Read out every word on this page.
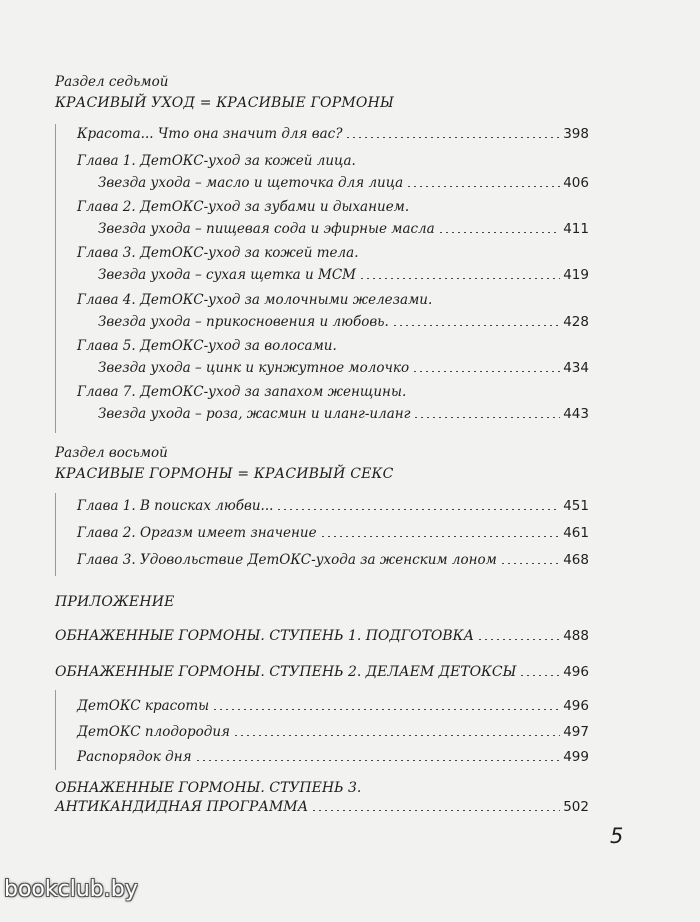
Раздел седьмой
КРАСИВЫЙ УХОД = КРАСИВЫЕ ГОРМОНЫ
Красота... Что она значит для вас?	398
Глава 1. ДетОКС-уход за кожей лица.
Звезда ухода – масло и щеточка для лица	406
Глава 2. ДетОКС-уход за зубами и дыханием.
Звезда ухода – пищевая сода и эфирные масла	411
Глава 3. ДетОКС-уход за кожей тела.
Звезда ухода – сухая щетка и МСМ	419
Глава 4. ДетОКС-уход за молочными железами.
Звезда ухода – прикосновения и любовь.	428
Глава 5. ДетОКС-уход за волосами.
Звезда ухода – цинк и кунжутное молочко	434
Глава 7. ДетОКС-уход за запахом женщины.
Звезда ухода – роза, жасмин и иланг-иланг	443
Раздел восьмой
КРАСИВЫЕ ГОРМОНЫ = КРАСИВЫЙ СЕКС
Глава 1. В поисках любви...	451
Глава 2. Оргазм имеет значение	461
Глава 3. Удовольствие ДетОКС-ухода за женским лоном	468
ПРИЛОЖЕНИЕ
ОБНАЖЕННЫЕ ГОРМОНЫ. СТУПЕНЬ 1. ПОДГОТОВКА	488
ОБНАЖЕННЫЕ ГОРМОНЫ. СТУПЕНЬ 2. ДЕЛАЕМ ДЕТОКСЫ	496
ДетОКС красоты	496
ДетОКС плодородия	497
Распорядок дня	499
ОБНАЖЕННЫЕ ГОРМОНЫ. СТУПЕНЬ 3.
АНТИКАНДИДНАЯ ПРОГРАММА	502
5
bookclub.by
